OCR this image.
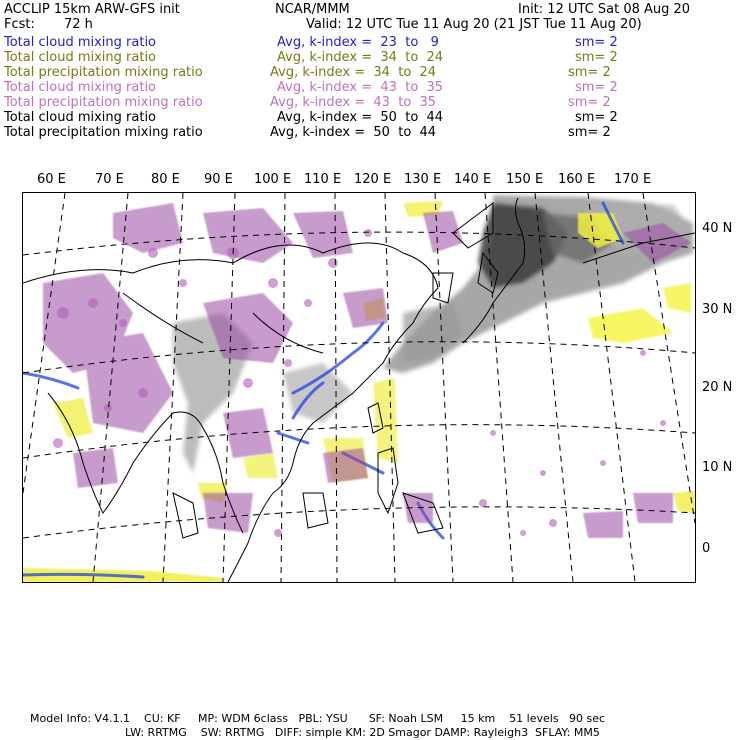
ACCLIP 15km ARW-GFS init	NCAR/MMM	Init: 12 UTC Sat 08 Aug 20
Fcst: 72 h	Valid: 12 UTC Tue 11 Aug 20 (21 JST Tue 11 Aug 20)
Total cloud mixing ratio	Avg, k-index =  23  to   9	sm= 2
Total cloud mixing ratio	Avg, k-index =  34  to  24	sm= 2
Total precipitation mixing ratio	Avg, k-index =  34  to  24	sm= 2
Total cloud mixing ratio	Avg, k-index =  43  to  35	sm= 2
Total precipitation mixing ratio	Avg, k-index =  43  to  35	sm= 2
Total cloud mixing ratio	Avg, k-index =  50  to  44	sm= 2
Total precipitation mixing ratio	Avg, k-index =  50  to  44	sm= 2
60 E 70 E 80 E 90 E 100 E 110 E 120 E 130 E 140 E 150 E 160 E 170 E
40 N
30 N
20 N
10 N
0
Model Info: V4.1.1    CU: KF     MP: WDM 6class   PBL: YSU      SF: Noah LSM     15 km    51 levels   90 sec
LW: RRTMG    SW: RRTMG   DIFF: simple KM: 2D Smagor DAMP: Rayleigh3  SFLAY: MM5
